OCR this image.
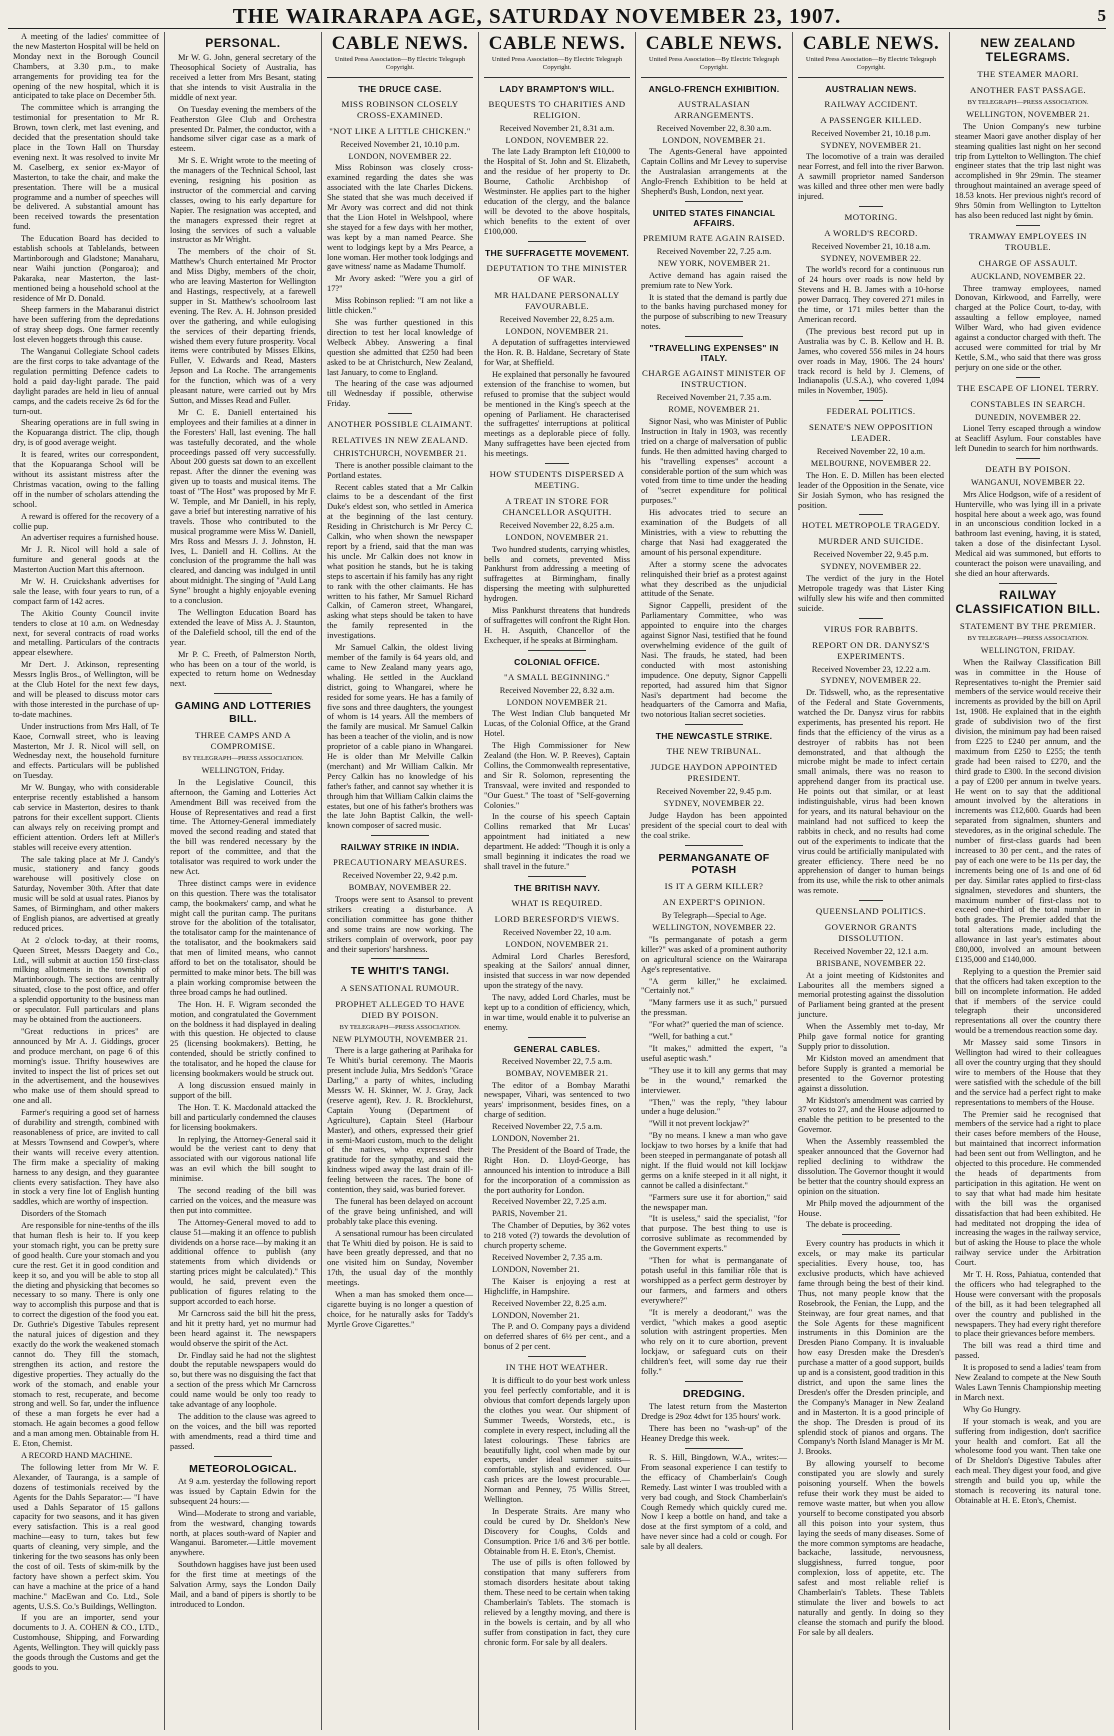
THE WAIRARAPA AGE, SATURDAY NOVEMBER 23, 1907.	5

A meeting of the ladies' committee of the new Masterton Hospital will be held on Monday next in the Borough Council Chambers, at 3.30 p.m., to make arrangements for providing tea for the opening of the new hospital, which it is anticipated to take place on December 5th.

The committee which is arranging the testimonial for presentation to Mr R. Brown, town clerk, met last evening, and decided that the presentation should take place in the Town Hall on Thursday evening next. It was resolved to invite Mr M. Caselberg, ex senior ex-Mayor of Masterton, to take the chair, and make the presentation. There will be a musical programme and a number of speeches will be delivered. A substantial amount has been received towards the presentation fund.

The Education Board has decided to establish schools at Tablelands, between Martinborough and Gladstone; Manaharu, near Waihi junction (Pongaroa); and Pakaraka, near Masterton, the last-mentioned being a household school at the residence of Mr D. Donald.

Sheep farmers in the Mabaranui district have been suffering from the depredations of stray sheep dogs. One farmer recently lost eleven hoggets through this cause.

The Wanganui Collegiate School cadets are the first corps to take advantage of the regulation permitting Defence cadets to hold a paid day-light parade. The paid daylight parades are held in lieu of annual camps, and the cadets receive 2s 6d for the turn-out.

Shearing operations are in full swing in the Kopuaranga district. The clip, though dry, is of good average weight.

It is feared, writes our correspondent, that the Kopuaranga School will be without its assistant mistress after the Christmas vacation, owing to the falling off in the number of scholars attending the school.

A reward is offered for the recovery of a collie pup.

An advertiser requires a furnished house.

Mr J. R. Nicol will hold a sale of furniture and general goods at the Masterton Auction Mart this afternoon.

Mr W. H. Cruickshank advertises for sale the lease, with four years to run, of a compact farm of 142 acres.

The Akitio County Council invite tenders to close at 10 a.m. on Wednesday next, for several contracts of road works and metalling. Particulars of the contracts appear elsewhere.

Mr Dert. J. Atkinson, representing Messrs Inglis Bros., of Wellington, will be at the Club Hotel for the next few days, and will be pleased to discuss motor cars with those interested in the purchase of up-to-date machines.

Under instructions from Mrs Hall, of Te Kaoe, Cornwall street, who is leaving Masterton, Mr J. R. Nicol will sell, on Wednesday next, the household furniture and effects. Particulars will be published on Tuesday.

Mr W. Bungay, who with considerable enterprise recently established a hansom cab service in Masterton, desires to thank patrons for their excellent support. Clients can always rely on receiving prompt and efficient attention. Orders left at Miller's stables will receive every attention.

The sale taking place at Mr J. Candy's music, stationery and fancy goods warehouse will positively close on Saturday, November 30th. After that date music will be sold at usual rates. Pianos by Sames, of Birmingham, and other makers of English pianos, are advertised at greatly reduced prices.

At 2 o'clock to-day, at their rooms, Queen Street, Messrs Daegety and Co., Ltd., will submit at auction 150 first-class milking allotments in the township of Martinborough. The sections are centrally situated, close to the post office, and offer a splendid opportunity to the business man or speculator. Full particulars and plans may be obtained from the auctioneers.

"Great reductions in prices" are announced by Mr A. J. Giddings, grocer and produce merchant, on page 6 of this morning's issue. Thrifty housewives are invited to inspect the list of prices set out in the advertisement, and the housewives who make use of them should spread to one and all.

Farmer's requiring a good set of harness of durability and strength, combined with reasonableness of price, are invited to call at Messrs Townsend and Cowper's, where their wants will receive every attention. The firm make a speciality of making harness to any design, and they guarantee clients every satisfaction. They have also in stock a very fine lot of English hunting saddles, which are worthy of inspection.

Disorders of the Stomach

Are responsible for nine-tenths of the ills that human flesh is heir to. If you keep your stomach right, you can be pretty sure of good health. Cure your stomach and you cure the rest. Get it in good condition and keep it so, and you will be able to stop all the dieting and physicking that becomes so necessary to so many. There is only one way to accomplish this purpose and that is to correct the digestion of the food you eat. Dr. Guthrie's Digestive Tabules represent the natural juices of digestion and they exactly do the work the weakened stomach cannot do. They fill the stomach, strengthen its action, and restore the digestive properties. They actually do the work of the stomach, and enable your stomach to rest, recuperate, and become strong and well. So far, under the influence of these a man forgets he ever had a stomach. He again becomes a good fellow and a man among men. Obtainable from H. E. Eton, Chemist.

A RECORD HAND MACHINE.

The following letter from Mr W. F. Alexander, of Tauranga, is a sample of dozens of testimonials received by the Agents for the Dahls Separator:— "I have used a Dahls Separator of 15 gallons capacity for two seasons, and it has given every satisfaction. This is a real good machine—easy to turn, takes but few quarts of cleaning, very simple, and the tinkering for the two seasons has only been the cost of oil. Tests of skim-milk by the factory have shown a perfect skim. You can have a machine at the price of a hand machine." MacEwan and Co. Ltd., Sole agents, U.S.S. Co.'s Buildings, Wellington.

If you are an importer, send your documents to J. A. COHEN & CO., LTD., Customhouse, Shipping, and Forwarding Agents, Wellington. They will quickly pass the goods through the Customs and get the goods to you.

PERSONAL.

Mr W. G. John, general secretary of the Theosophical Society of Australia, has received a letter from Mrs Besant, stating that she intends to visit Australia in the middle of next year.

On Tuesday evening the members of the Featherston Glee Club and Orchestra presented Dr. Palmer, the conductor, with a handsome silver cigar case as a mark of esteem.

Mr S. E. Wright wrote to the meeting of the managers of the Technical School, last evening, resigning his position as instructor of the commercial and carving classes, owing to his early departure for Napier. The resignation was accepted, and the managers expressed their regret at losing the services of such a valuable instructor as Mr Wright.

The members of the choir of St. Matthew's Church entertained Mr Proctor and Miss Digby, members of the choir, who are leaving Masterton for Wellington and Hastings, respectively, at a farewell supper in St. Matthew's schoolroom last evening. The Rev. A. H. Johnson presided over the gathering, and while eulogising the services of their departing friends, wished them every future prosperity. Vocal items were contributed by Misses Elkins, Fuller, V. Edwards and Read, Masters Jepson and La Roche. The arrangements for the function, which was of a very pleasant nature, were carried out by Mrs Sutton, and Misses Read and Fuller.

Mr C. E. Daniell entertained his employees and their families at a dinner in the Foresters' Hall, last evening. The hall was tastefully decorated, and the whole proceedings passed off very successfully. About 200 guests sat down to an excellent repast. After the dinner the evening was given up to toasts and musical items. The toast of "The Host" was proposed by Mr F. W. Temple, and Mr Daniell, in his reply, gave a brief but interesting narrative of his travels. Those who contributed to the musical programme were Miss W. Daniell, Mrs Ross and Messrs J. J. Johnston, H. Ives, L. Daniell and H. Collins. At the conclusion of the programme the hall was cleared, and dancing was indulged in until about midnight. The singing of "Auld Lang Syne" brought a highly enjoyable evening to a conclusion.

The Wellington Education Board has extended the leave of Miss A. J. Staunton, of the Dalefield school, till the end of the year.

Mr P. C. Freeth, of Palmerston North, who has been on a tour of the world, is expected to return home on Wednesday next.

GAMING AND LOTTERIES BILL.
THREE CAMPS AND A COMPROMISE.
BY TELEGRAPH—PRESS ASSOCIATION.
WELLINGTON, Friday.

In the Legislative Council, this afternoon, the Gaming and Lotteries Act Amendment Bill was received from the House of Representatives and read a first time. The Attorney-General immediately moved the second reading and stated that the bill was rendered necessary by the report of the committee, and that the totalisator was required to work under the new Act.

Three distinct camps were in evidence on this question. There was the totalisator camp, the bookmakers' camp, and what he might call the puritan camp. The puritans strove for the abolition of the totalisator, the totalisator camp for the maintenance of the totalisator, and the bookmakers said that men of limited means, who cannot afford to bet on the totalisator, should be permitted to make minor bets. The bill was a plain working compromise between the three broad camps he had outlined.

The Hon. H. F. Wigram seconded the motion, and congratulated the Government on the boldness it had displayed in dealing with this question. He objected to clause 25 (licensing bookmakers). Betting, he contended, should be strictly confined to the totalisator, and he hoped the clause for licensing bookmakers would be struck out.

A long discussion ensued mainly in support of the bill.

The Hon. T. K. Macdonald attacked the bill and particularly condemned the clauses for licensing bookmakers.

In replying, the Attorney-General said it would be the veriest cant to deny that associated with our vigorous national life was an evil which the bill sought to minimise.

The second reading of the bill was carried on the voices, and the measure was then put into committee.

The Attorney-General moved to add to clause 51—making it an offence to publish dividends on a horse race—by making it an additional offence to publish (any statements from which dividends or starting prices might be calculated)." This would, he said, prevent even the publication of figures relating to the support accorded to each horse.

Mr Carncross said the bill hit the press, and hit it pretty hard, yet no murmur had been heard against it. The newspapers would observe the spirit of the Act.

Dr. Findlay said he had not the slightest doubt the reputable newspapers would do so, but there was no disguising the fact that a section of the press which Mr Carncross could name would be only too ready to take advantage of any loophole.

The addition to the clause was agreed to on the voices, and the bill was reported with amendments, read a third time and passed.

METEOROLOGICAL.

At 9 a.m. yesterday the following report was issued by Captain Edwin for the subsequent 24 hours:—

Wind—Moderate to strong and variable, from the westward, changing towards north, at places south-ward of Napier and Wanganui. Barometer.—Little movement anywhere.

Southdown haggises have just been used for the first time at meetings of the Salvation Army, says the London Daily Mail, and a band of pipers is shortly to be introduced to London.

CABLE NEWS.
United Press Association—By Electric Telegraph Copyright.
THE DRUCE CASE.
MISS ROBINSON CLOSELY CROSS-EXAMINED.
"NOT LIKE A LITTLE CHICKEN."
Received November 21, 10.10 p.m.
LONDON, NOVEMBER 22.

Miss Robinson was closely cross-examined regarding the dates she was associated with the late Charles Dickens. She stated that she was much deceived if Mr Avory was correct and did not think that the Lion Hotel in Welshpool, where she stayed for a few days with her mother, was kept by a man named Pearce. She went to lodgings kept by a Mrs Pearce, a lone woman. Her mother took lodgings and gave witness' name as Madame Thumolf.

Mr Avory asked: "Were you a girl of 17?"

Miss Robinson replied: "I am not like a little chicken."

She was further questioned in this direction to test her local knowledge of Welbeck Abbey. Answering a final question she admitted that £250 had been asked to be at Christchurch, New Zealand, last January, to come to England.

The hearing of the case was adjourned till Wednesday if possible, otherwise Friday.

ANOTHER POSSIBLE CLAIMANT.
RELATIVES IN NEW ZEALAND.
CHRISTCHURCH, NOVEMBER 21.

There is another possible claimant to the Portland estates.

Recent cables stated that a Mr Calkin claims to be a descendant of the first Duke's eldest son, who settled in America at the beginning of the last century. Residing in Christchurch is Mr Percy C. Calkin, who when shown the newspaper report by a friend, said that the man was his uncle. Mr Calkin does not know in what position he stands, but he is taking steps to ascertain if his family has any right to rank with the other claimants. He has written to his father, Mr Samuel Richard Calkin, of Cameron street, Whangarei, asking what steps should be taken to have the family represented in the investigations.

Mr Samuel Calkin, the oldest living member of the family is 64 years old, and came to New Zealand many years ago, whaling. He settled in the Auckland district, going to Whangarei, where he resided for some years. He has a family of five sons and three daughters, the youngest of whom is 14 years. All the members of the family are musical. Mr Samuel Calkin has been a teacher of the violin, and is now proprietor of a cable piano in Whangarei. He is older than Mr Melville Calkin (merchant) and Mr William Calkin. Mr Percy Calkin has no knowledge of his father's father, and cannot say whether it is through him that William Calkin claims the estates, but one of his father's brothers was the late John Baptist Calkin, the well-known composer of sacred music.

RAILWAY STRIKE IN INDIA.
PRECAUTIONARY MEASURES.
Received November 22, 9.42 p.m.
BOMBAY, NOVEMBER 22.

Troops were sent to Asansol to prevent strikers creating a disturbance. A conciliation committee has gone thither and some trains are now working. The strikers complain of overwork, poor pay and their superiors' harshness.

TE WHITI'S TANGI.
A SENSATIONAL RUMOUR.
PROPHET ALLEGED TO HAVE DIED BY POISON.
BY TELEGRAPH—PRESS ASSOCIATION.
NEW PLYMOUTH, NOVEMBER 21.

There is a large gathering at Parihaka for Te Whiti's burial ceremony. The Maoris present include Julia, Mrs Seddon's "Grace Darling," a party of whites, including Messrs W. H. Skinner, W. J. Gray, Jack (reserve agent), Rev. J. R. Brocklehurst, Captain Young (Department of Agriculture), Captain Steel (Harbour Master), and others, expressed their grief in semi-Maori custom, much to the delight of the natives, who expressed their gratitude for the sympathy, and said the kindness wiped away the last drain of ill-feeling between the races. The bone of contention, they said, was buried forever.

The funeral has been delayed on account of the grave being unfinished, and will probably take place this evening.

A sensational rumour has been circulated that Te Whiti died by poison. He is said to have been greatly depressed, and that no one visited him on Sunday, November 17th, the usual day of the monthly meetings.

When a man has smoked them once—cigarette buying is no longer a question of choice, for he naturally asks for Taddy's Myrtle Grove Cigarettes."

CABLE NEWS.
United Press Association—By Electric Telegraph Copyright.
LADY BRAMPTON'S WILL.
BEQUESTS TO CHARITIES AND RELIGION.
Received November 21, 8.31 a.m.
LONDON, NOVEMBER 22.

The late Lady Brampton left £10,000 to the Hospital of St. John and St. Elizabeth, and the residue of her property to Dr. Bourne, Catholic Archbishop of Westminster. He applies part to the higher education of the clergy, and the balance will be devoted to the above hospitals, which benefits to the extent of over £100,000.

THE SUFFRAGETTE MOVEMENT.
DEPUTATION TO THE MINISTER OF WAR.
MR HALDANE PERSONALLY FAVOURABLE.
Received November 22, 8.25 a.m.
LONDON, NOVEMBER 21.

A deputation of suffragettes interviewed the Hon. R. B. Haldane, Secretary of State for War, at Sheffield.

He explained that personally he favoured extension of the franchise to women, but refused to promise that the subject would be mentioned in the King's speech at the opening of Parliament. He characterised the suffragettes' interruptions at political meetings as a deplorable piece of folly. Many suffragettes have been ejected from his meetings.

HOW STUDENTS DISPERSED A MEETING.
A TREAT IN STORE FOR CHANCELLOR ASQUITH.
Received November 22, 8.25 a.m.
LONDON, NOVEMBER 21.

Two hundred students, carrying whistles, bells and cornets, prevented Miss Pankhurst from addressing a meeting of suffragettes at Birmingham, finally dispersing the meeting with sulphuretted hydrogen.

Miss Pankhurst threatens that hundreds of suffragettes will confront the Right Hon. H. H. Asquith, Chancellor of the Exchequer, if he speaks at Birmingham.

COLONIAL OFFICE.
"A SMALL BEGINNING."
Received November 22, 8.32 a.m.
LONDON NOVEMBER 21.

The West Indian Club banqueted Mr Lucas, of the Colonial Office, at the Grand Hotel.

The High Commissioner for New Zealand (the Hon. W. P. Reeves), Captain Collins, the Commonwealth representative, and Sir R. Solomon, representing the Transvaal, were invited and responded to "Our Guest." The toast of "Self-governing Colonies."

In the course of his speech Captain Collins remarked that Mr Lucas' appointment had initiated a new department. He added: "Though it is only a small beginning it indicates the road we shall travel in the future."

THE BRITISH NAVY.
WHAT IS REQUIRED.
LORD BERESFORD'S VIEWS.
Received November 22, 10 a.m.
LONDON, NOVEMBER 21.

Admiral Lord Charles Beresford, speaking at the Sailors' annual dinner, insisted that success in war now depended upon the strategy of the navy.

The navy, added Lord Charles, must be kept up to a condition of efficiency, which, in war time, would enable it to pulverise an enemy.

GENERAL CABLES.
Received November 22, 7.5 a.m.
BOMBAY, NOVEMBER 21.

The editor of a Bombay Marathi newspaper, Vihari, was sentenced to two years' imprisonment, besides fines, on a charge of sedition.

Received November 22, 7.5 a.m.

LONDON, November 21.

The President of the Board of Trade, the Right Hon. D. Lloyd-George, has announced his intention to introduce a Bill for the incorporation of a commission as the port authority for London.

Received November 22, 7.25 a.m.

PARIS, November 21.

The Chamber of Deputies, by 362 votes to 218 voted (?) towards the devolution of church property scheme.

Received November 2, 7.35 a.m.

LONDON, November 21.

The Kaiser is enjoying a rest at Highcliffe, in Hampshire.

Received November 22, 8.25 a.m.

LONDON, November 21.

The P. and O. Company pays a dividend on deferred shares of 6½ per cent., and a bonus of 2 per cent.

IN THE HOT WEATHER.

It is difficult to do your best work unless you feel perfectly comfortable, and it is obvious that comfort depends largely upon the clothes you wear. Our shipment of Summer Tweeds, Worsteds, etc., is complete in every respect, including all the latest colourings. These fabrics are beautifully light, cool when made by our experts, under ideal summer suits—comfortable, stylish and evidenced. Our cash prices are the lowest procurable.—Norman and Penney, 75 Willis Street, Wellington.

In Desperate Straits. Are many who could be cured by Dr. Sheldon's New Discovery for Coughs, Colds and Consumption. Price 1/6 and 3/6 per bottle. Obtainable from H. E. Eton's, Chemist.

The use of pills is often followed by constipation that many sufferers from stomach disorders hesitate about taking them. These need to be certain when taking Chamberlain's Tablets. The stomach is relieved by a lengthy moving, and there is in the bowels is certain, and by all who suffer from constipation in fact, they cure chronic form. For sale by all dealers.

CABLE NEWS.
United Press Association—By Electric Telegraph Copyright.
ANGLO-FRENCH EXHIBITION.
AUSTRALASIAN ARRANGEMENTS.
Received November 22, 8.30 a.m.
LONDON, NOVEMBER 21.

The Agents-General have appointed Captain Collins and Mr Levey to supervise the Australasian arrangements at the Anglo-French Exhibition to be held at Shepherd's Bush, London, next year.

UNITED STATES FINANCIAL AFFAIRS.
PREMIUM RATE AGAIN RAISED.
Received November 22, 7.25 a.m.
NEW YORK, NOVEMBER 21.

Active demand has again raised the premium rate to New York.

It is stated that the demand is partly due to the banks having purchased money for the purpose of subscribing to new Treasury notes.

"TRAVELLING EXPENSES" IN ITALY.
CHARGE AGAINST MINISTER OF INSTRUCTION.
Received November 21, 7.35 a.m.
ROME, NOVEMBER 21.

Signor Nasi, who was Minister of Public Instruction in Italy in 1903, was recently tried on a charge of malversation of public funds. He then admitted having charged to his "travelling expenses" account a considerable portion of the sum which was voted from time to time under the heading of "secret expenditure for political purposes."

His advocates tried to secure an examination of the Budgets of all Ministries, with a view to rebutting the charge that Nasi had exaggerated the amount of his personal expenditure.

After a stormy scene the advocates relinquished their brief as a protest against what they described as the unjudicial attitude of the Senate.

Signor Cappelli, president of the Parliamentary Committee, who was appointed to enquire into the charges against Signor Nasi, testified that he found overwhelming evidence of the guilt of Nasi. The frauds, he stated, had been conducted with most astonishing impudence. One deputy, Signor Cappelli reported, had assured him that Signor Nasi's department had become the headquarters of the Camorra and Mafia, two notorious Italian secret societies.

THE NEWCASTLE STRIKE.
THE NEW TRIBUNAL.
JUDGE HAYDON APPOINTED PRESIDENT.
Received November 22, 9.45 p.m.
SYDNEY, NOVEMBER 22.

Judge Haydon has been appointed president of the special court to deal with the coal strike.

PERMANGANATE OF POTASH
IS IT A GERM KILLER?
AN EXPERT'S OPINION.
By Telegraph—Special to Age.
WELLINGTON, NOVEMBER 22.

"Is permanganate of potash a germ killer?" was asked of a prominent authority on agricultural science on the Wairarapa Age's representative.

"A germ killer," he exclaimed. "Certainly not."

"Many farmers use it as such," pursued the pressman.

"For what?" queried the man of science.

"Well, for bathing a cut."

"It makes," admitted the expert, "a useful aseptic wash."

"They use it to kill any germs that may be in the wound," remarked the interviewer.

"Then," was the reply, "they labour under a huge delusion."

"Will it not prevent lockjaw?"

"By no means. I knew a man who gave lockjaw to two horses by a knife that had been steeped in permanganate of potash all night. If the fluid would not kill lockjaw germs on a knife steeped in it all night, it cannot be called a disinfectant."

"Farmers sure use it for abortion," said the newspaper man.

"It is useless," said the specialist, "for that purpose. The best thing to use is corrosive sublimate as recommended by the Government experts."

"Then for what is permanganate of potash useful in this familiar rôle that is worshipped as a perfect germ destroyer by our farmers, and farmers and others everywhere?"

"It is merely a deodorant," was the verdict, "which makes a good aseptic solution with astringent properties. Men who rely on it to cure abortion, prevent lockjaw, or safeguard cuts on their children's feet, will some day rue their folly."

DREDGING.

The latest return from the Masterton Dredge is 29oz 4dwt for 135 hours' work.

There has been no "wash-up" of the Heaney Dredge this week.

R. S. Hill, Bingdown, W.A., writes:—From seasonal experience I can testify to the efficacy of Chamberlain's Cough Remedy. Last winter I was troubled with a very bad cough, and Stock Chamberlain's Cough Remedy which quickly cured me. Now I keep a bottle on hand, and take a dose at the first symptom of a cold, and have never since had a cold or cough. For sale by all dealers.

CABLE NEWS.
United Press Association—By Electric Telegraph Copyright.
AUSTRALIAN NEWS.
RAILWAY ACCIDENT.
A PASSENGER KILLED.
Received November 21, 10.18 p.m.
SYDNEY, NOVEMBER 21.

The locomotive of a train was derailed near Forrest, and fell into the river Barwon. A sawmill proprietor named Sanderson was killed and three other men were badly injured.

MOTORING.
A WORLD'S RECORD.
Received November 21, 10.18 a.m.
SYDNEY, NOVEMBER 22.

The world's record for a continuous run of 24 hours over roads is now held by Stevens and H. B. James with a 10-horse power Darracq. They covered 271 miles in the time, or 171 miles better than the American record.

(The previous best record put up in Australia was by C. B. Kellow and H. B. James, who covered 556 miles in 24 hours over roads in May, 1906. The 24 hours' track record is held by J. Clemens, of Indianapolis (U.S.A.), who covered 1,094 miles in November, 1905).

FEDERAL POLITICS.
SENATE'S NEW OPPOSITION LEADER.
Received November 22, 10 a.m.
MELBOURNE, NOVEMBER 22.

The Hon. E. D. Millen has been elected leader of the Opposition in the Senate, vice Sir Josiah Symon, who has resigned the position.

HOTEL METROPOLE TRAGEDY.
MURDER AND SUICIDE.
Received November 22, 9.45 p.m.
SYDNEY, NOVEMBER 22.

The verdict of the jury in the Hotel Metropole tragedy was that Lister King wilfully slew his wife and then committed suicide.

VIRUS FOR RABBITS.
REPORT ON DR. DANYSZ'S EXPERIMENTS.
Received November 23, 12.22 a.m.
SYDNEY, NOVEMBER 22.

Dr. Tidswell, who, as the representative of the Federal and State Governments, watched the Dr. Danysz virus for rabbits experiments, has presented his report. He finds that the efficiency of the virus as a destroyer of rabbits has not been demonstrated, and that although the microbe might be made to infect certain small animals, there was no reason to apprehend danger from its practical use. He points out that similar, or at least indistinguishable, virus had been known for years, and its natural behaviour on the mainland had not sufficed to keep the rabbits in check, and no results had come out of the experiments to indicate that the virus could be artificially manipulated with greater efficiency. There need be no apprehension of danger to human beings from its use, while the risk to other animals was remote.

QUEENSLAND POLITICS.
GOVERNOR GRANTS DISSOLUTION.
Received November 22, 12.1 a.m.
BRISBANE, NOVEMBER 22.

At a joint meeting of Kidstonites and Labourites all the members signed a memorial protesting against the dissolution of Parliament being granted at the present juncture.

When the Assembly met to-day, Mr Philp gave formal notice for granting Supply prior to dissolution.

Mr Kidston moved an amendment that before Supply is granted a memorial be presented to the Governor protesting against a dissolution.

Mr Kidston's amendment was carried by 37 votes to 27, and the House adjourned to enable the petition to be presented to the Governor.

When the Assembly reassembled the speaker announced that the Governor had replied declining to withdraw the dissolution. The Governor thought it would be better that the country should express an opinion on the situation.

Mr Philp moved the adjournment of the House.

The debate is proceeding.

Every country has products in which it excels, or may make its particular specialities. Every house, too, has exclusive products, which have achieved fame through being the best of their kind. Thus, not many people know that the Rosebrook, the Fenian, the Lupp, and the Steinway, are four great names, and that the Sole Agents for these magnificent instruments in this Dominion are the Dresden Piano Company. It is invaluable how easy Dresden make the Dresden's purchase a matter of a good support, builds up and is a consistent, good tradition in this district, and upon the same lines the Dresden's offer the Dresden principle, and the Company's Manager in New Zealand and in Masterton. It is a good principle of the shop. The Dresden is proud of its splendid stock of pianos and organs. The Company's North Island Manager is Mr M. J. Brooks.

By allowing yourself to become constipated you are slowly and surely poisoning yourself. When the bowels refuse their work they must be aided to remove waste matter, but when you allow yourself to become constipated you absorb all this poison into your system, thus laying the seeds of many diseases. Some of the more common symptoms are headache, backache, lassitude, nervousness, sluggishness, furred tongue, poor complexion, loss of appetite, etc. The safest and most reliable relief is Chamberlain's Tablets. These Tablets stimulate the liver and bowels to act naturally and gently. In doing so they cleanse the stomach and purify the blood. For sale by all dealers.

NEW ZEALAND TELEGRAMS.
THE STEAMER MAORI.
ANOTHER FAST PASSAGE.
BY TELEGRAPH—PRESS ASSOCIATION.
WELLINGTON, NOVEMBER 21.

The Union Company's new turbine steamer Maori gave another display of her steaming qualities last night on her second trip from Lyttelton to Wellington. The chief engineer states that the trip last night was accomplished in 9hr 29min. The steamer throughout maintained an average speed of 18.53 knots. Her previous night's record of 9hrs 50min from Wellington to Lyttelton has also been reduced last night by 6min.

TRAMWAY EMPLOYEES IN TROUBLE.
CHARGE OF ASSAULT.
AUCKLAND, NOVEMBER 22.

Three tramway employees, named Donovan, Kirkwood, and Farrelly, were charged at the Police Court, to-day, with assaulting a fellow employee, named Wilber Ward, who had given evidence against a conductor charged with theft. The accused were committed for trial by Mr Kettle, S.M., who said that there was gross perjury on one side or the other.

THE ESCAPE OF LIONEL TERRY.
CONSTABLES IN SEARCH.
DUNEDIN, NOVEMBER 22.

Lionel Terry escaped through a window at Seacliff Asylum. Four constables have left Dunedin to search for him northwards.

DEATH BY POISON.
WANGANUI, NOVEMBER 22.

Mrs Alice Hodgson, wife of a resident of Hunterville, who was lying ill in a private hospital here about a week ago, was found in an unconscious condition locked in a bathroom last evening, having, it is stated, taken a dose of the disinfectant Lysol. Medical aid was summoned, but efforts to counteract the poison were unavailing, and she died an hour afterwards.

RAILWAY CLASSIFICATION BILL.
STATEMENT BY THE PREMIER.
BY TELEGRAPH—PRESS ASSOCIATION.
WELLINGTON, FRIDAY.

When the Railway Classification Bill was in committee in the House of Representatives to-night the Premier said members of the service would receive their increments as provided by the bill on April 1st, 1908. He explained that in the eighth grade of subdivision two of the first division, the minimum pay had been raised from £225 to £240 per annum, and the maximum from £250 to £255; the tenth grade had been raised to £270, and the third grade to £300. In the second division a pay of £200 per annum in twelve years. He went on to say that the additional amount involved by the alterations in increments was £12,600. Guards had been separated from signalmen, shunters and stevedores, as in the original schedule. The number of first-class guards had been increased to 30 per cent., and the rates of pay of each one were to be 11s per day, the increments being one of 1s and one of 6d per day. Similar rates applied to first-class signalmen, stevedores and shunters, the maximum number of first-class not to exceed one-third of the total number in both grades. The Premier added that the total alterations made, including the allowance in last year's estimates about £80,000, involved an amount between £135,000 and £140,000.

Replying to a question the Premier said that the officers had taken exception to the bill on incomplete information. He added that if members of the service could telegraph their unconsidered representations all over the country there would be a tremendous reaction some day.

Mr Massey said some Tinsors in Wellington had wired to their colleagues all over the country urging that they should wire to members of the House that they were satisfied with the schedule of the bill and the service had a perfect right to make representations to members of the House.

The Premier said he recognised that members of the service had a right to place their cases before members of the House, but maintained that incorrect information had been sent out from Wellington, and he objected to this procedure. He commended the heads of departments from participation in this agitation. He went on to say that what had made him hesitate with the bill was the organised dissatisfaction that had been exhibited. He had meditated not dropping the idea of increasing the wages in the railway service, but of asking the House to place the whole railway service under the Arbitration Court.

Mr T. H. Ross, Pahiatua, contended that the officers who had telegraphed to the House were conversant with the proposals of the bill, as it had been telegraphed all over the country and published in the newspapers. They had every right therefore to place their grievances before members.

The bill was read a third time and passed.

It is proposed to send a ladies' team from New Zealand to compete at the New South Wales Lawn Tennis Championship meeting in March next.

Why Go Hungry.

If your stomach is weak, and you are suffering from indigestion, don't sacrifice your health and comfort. Eat all the wholesome food you want. Then take one of Dr Sheldon's Digestive Tabules after each meal. They digest your food, and give strength and build you up, while the stomach is recovering its natural tone. Obtainable at H. E. Eton's, Chemist.
